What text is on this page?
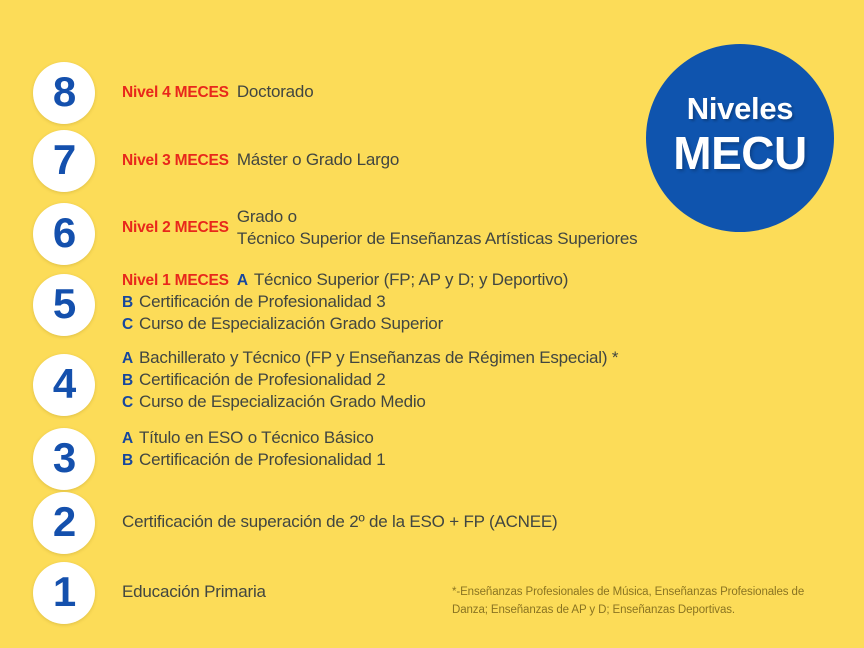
Niveles
MECU
8	Nivel 4 MECES Doctorado
7	Nivel 3 MECES Máster o Grado Largo
6	Nivel 2 MECES
Grado o
Técnico Superior de Enseñanzas Artísticas Superiores
5	Nivel 1 MECES A Técnico Superior (FP; AP y D; y Deportivo)
B Certificación de Profesionalidad 3
C Curso de Especialización Grado Superior
4
A Bachillerato y Técnico (FP y Enseñanzas de Régimen Especial) *
B Certificación de Profesionalidad 2
C Curso de Especialización Grado Medio
3	A Título en ESO o Técnico Básico
B Certificación de Profesionalidad 1
2	Certificación de superación de 2º de la ESO + FP (ACNEE)
1	Educación Primaria	*-Enseñanzas Profesionales de Música, Enseñanzas Profesionales de Danza; Enseñanzas de AP y D; Enseñanzas Deportivas.
